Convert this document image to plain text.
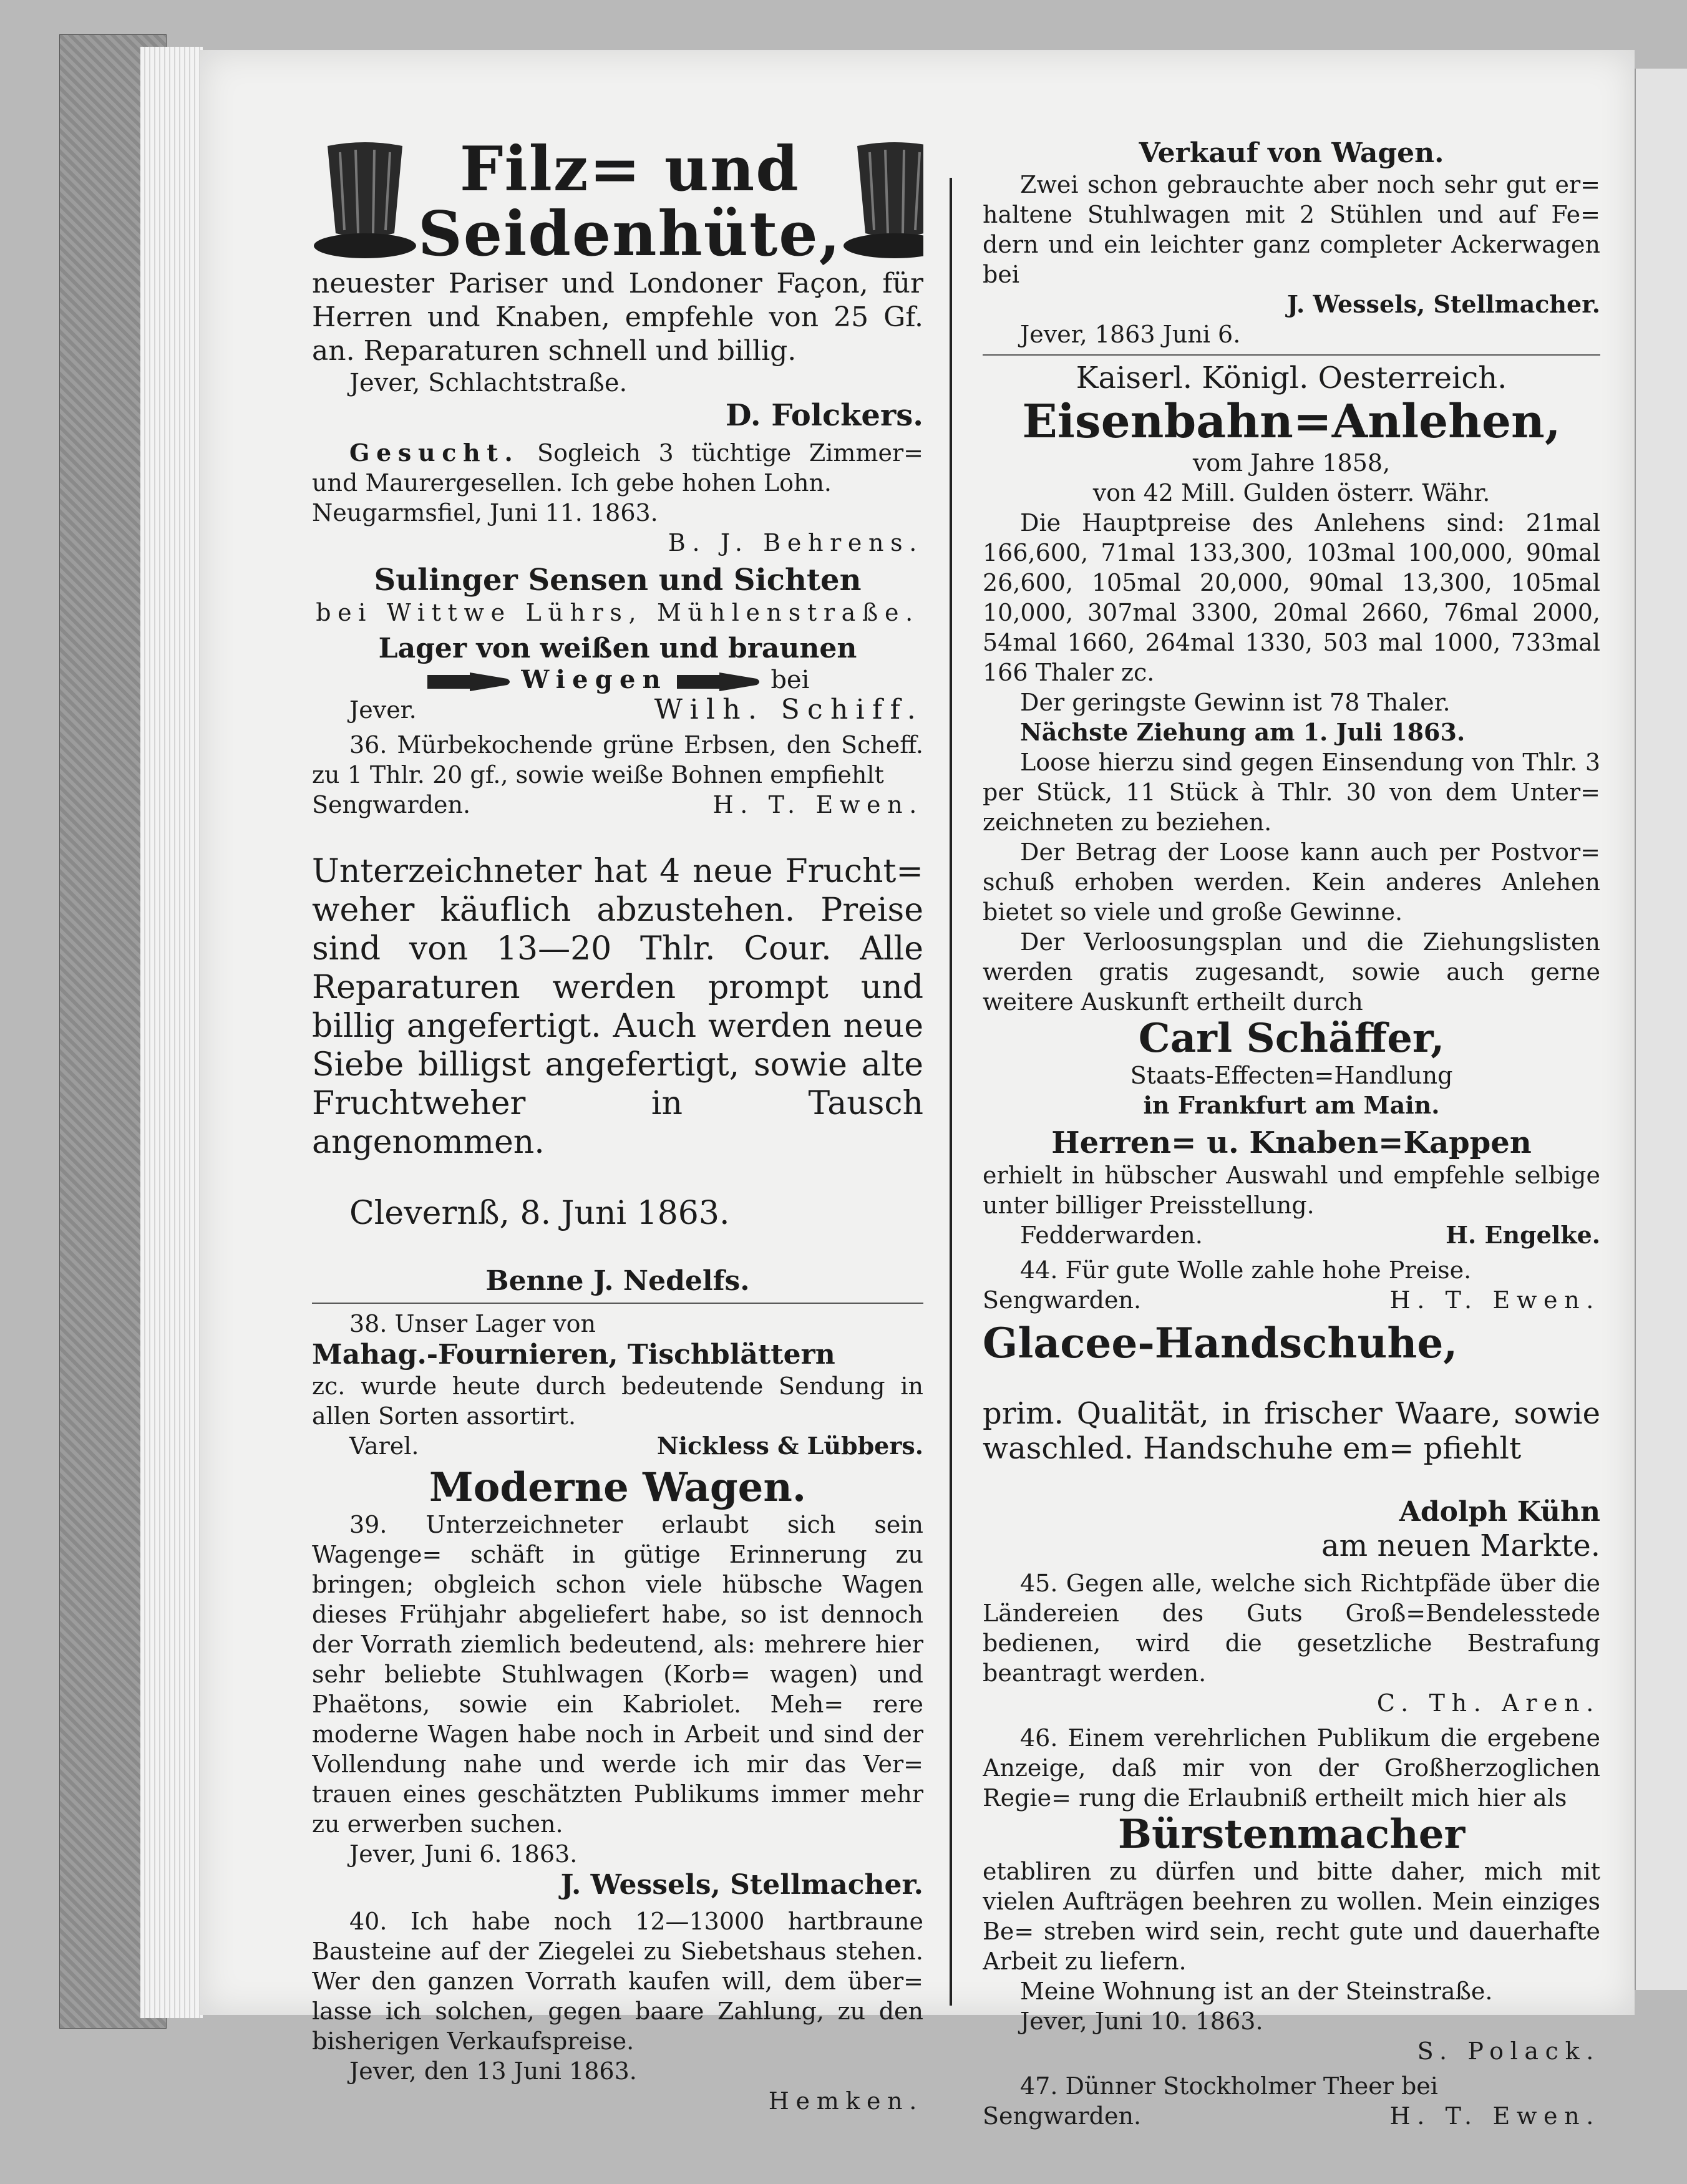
Filz= und
Seidenhüte,

neuester Pariser und Londoner Façon, für Herren und Knaben, empfehle von 25 Gf. an. Reparaturen schnell und billig.

Jever, Schlachtstraße.

D. Folckers.

Gesucht. Sogleich 3 tüchtige Zimmer= und Maurergesellen. Ich gebe hohen Lohn.

Neugarmsfiel, Juni 11. 1863.

B. J. Behrens.

Sulinger Sensen und Sichten

bei Wittwe Lührs, Mühlenstraße.

Lager von weißen und braunen
Wiegen	bei
Jever.	Wilh. Schiff.

36. Mürbekochende grüne Erbsen, den Scheff. zu 1 Thlr. 20 gf., sowie weiße Bohnen empfiehlt

Sengwarden.	H. T. Ewen.

Unterzeichneter hat 4 neue Frucht= weher käuflich abzustehen. Preise sind von 13—20 Thlr. Cour. Alle Reparaturen werden prompt und billig angefertigt. Auch werden neue Siebe billigst angefertigt, sowie alte Fruchtweher in Tausch angenommen.

Clevernß, 8. Juni 1863.

Benne J. Nedelfs.

38. Unser Lager von

Mahag.-Fournieren, Tischblättern

zc. wurde heute durch bedeutende Sendung in allen Sorten assortirt.

Varel.	Nickless & Lübbers.
Moderne Wagen.

39. Unterzeichneter erlaubt sich sein Wagenge= schäft in gütige Erinnerung zu bringen; obgleich schon viele hübsche Wagen dieses Frühjahr abgeliefert habe, so ist dennoch der Vorrath ziemlich bedeutend, als: mehrere hier sehr beliebte Stuhlwagen (Korb= wagen) und Phaëtons, sowie ein Kabriolet. Meh= rere moderne Wagen habe noch in Arbeit und sind der Vollendung nahe und werde ich mir das Ver= trauen eines geschätzten Publikums immer mehr zu erwerben suchen.

Jever, Juni 6. 1863.

J. Wessels, Stellmacher.

40. Ich habe noch 12—13000 hartbraune Bausteine auf der Ziegelei zu Siebetshaus stehen. Wer den ganzen Vorrath kaufen will, dem über= lasse ich solchen, gegen baare Zahlung, zu den bisherigen Verkaufspreise.

Jever, den 13 Juni 1863.

Hemken.

Verkauf von Wagen.

Zwei schon gebrauchte aber noch sehr gut er= haltene Stuhlwagen mit 2 Stühlen und auf Fe= dern und ein leichter ganz completer Ackerwagen bei

J. Wessels, Stellmacher.

Jever, 1863 Juni 6.

Kaiserl. Königl. Oesterreich.
Eisenbahn=Anlehen,

vom Jahre 1858,

von 42 Mill. Gulden österr. Währ.

Die Hauptpreise des Anlehens sind: 21mal 166,600, 71mal 133,300, 103mal 100,000, 90mal 26,600, 105mal 20,000, 90mal 13,300, 105mal 10,000, 307mal 3300, 20mal 2660, 76mal 2000, 54mal 1660, 264mal 1330, 503 mal 1000, 733mal 166 Thaler zc.

Der geringste Gewinn ist 78 Thaler.

Nächste Ziehung am 1. Juli 1863.

Loose hierzu sind gegen Einsendung von Thlr. 3 per Stück, 11 Stück à Thlr. 30 von dem Unter= zeichneten zu beziehen.

Der Betrag der Loose kann auch per Postvor= schuß erhoben werden. Kein anderes Anlehen bietet so viele und große Gewinne.

Der Verloosungsplan und die Ziehungslisten werden gratis zugesandt, sowie auch gerne weitere Auskunft ertheilt durch

Carl Schäffer,

Staats-Effecten=Handlung

in Frankfurt am Main.

Herren= u. Knaben=Kappen

erhielt in hübscher Auswahl und empfehle selbige unter billiger Preisstellung.

Fedderwarden.	H. Engelke.

44. Für gute Wolle zahle hohe Preise.

Sengwarden.	H. T. Ewen.
Glacee-Handschuhe,

prim. Qualität, in frischer Waare, sowie waschled. Handschuhe em= pfiehlt

Adolph Kühn
am neuen Markte.

45. Gegen alle, welche sich Richtpfäde über die Ländereien des Guts Groß=Bendelesstede bedienen, wird die gesetzliche Bestrafung beantragt werden.

C. Th. Aren.

46. Einem verehrlichen Publikum die ergebene Anzeige, daß mir von der Großherzoglichen Regie= rung die Erlaubniß ertheilt mich hier als

Bürstenmacher

etabliren zu dürfen und bitte daher, mich mit vielen Aufträgen beehren zu wollen. Mein einziges Be= streben wird sein, recht gute und dauerhafte Arbeit zu liefern.

Meine Wohnung ist an der Steinstraße.

Jever, Juni 10. 1863.

S. Polack.

47. Dünner Stockholmer Theer bei

Sengwarden.	H. T. Ewen.
